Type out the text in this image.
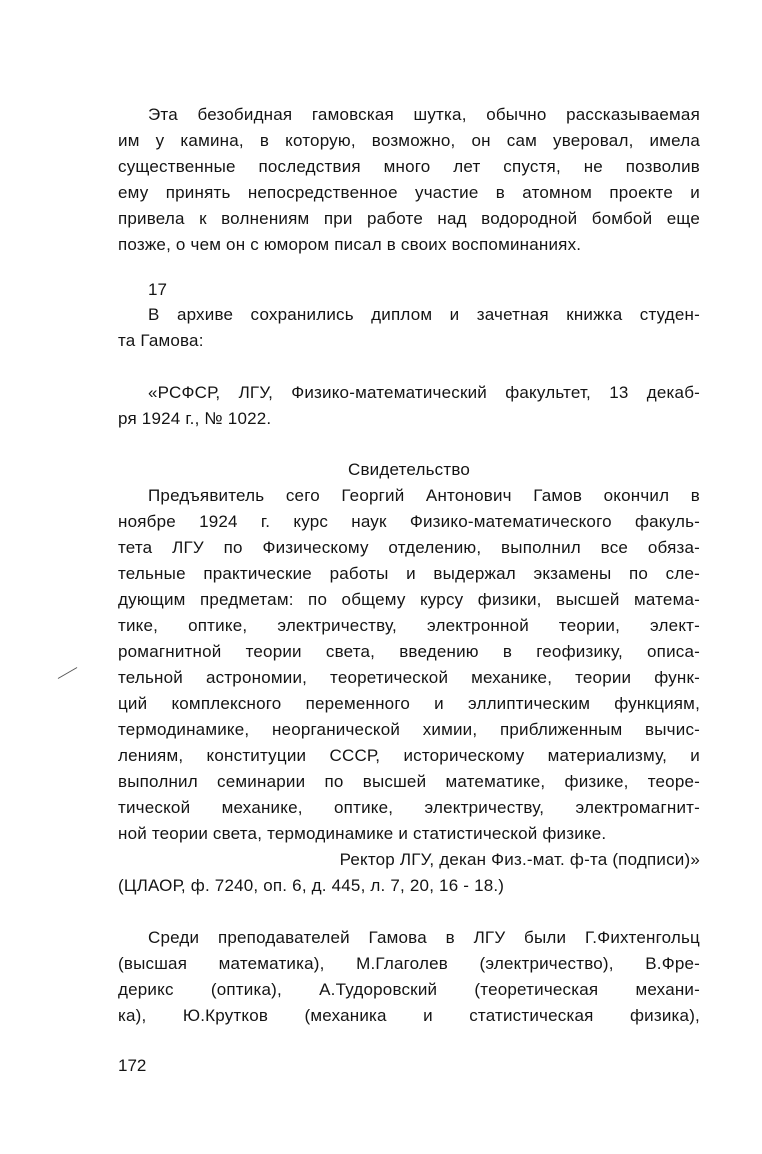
Эта безобидная гамовская шутка, обычно рассказываемая
им у камина, в которую, возможно, он сам уверовал, имела
существенные последствия много лет спустя, не позволив
ему принять непосредственное участие в атомном проекте и
привела к волнениям при работе над водородной бомбой еще
позже, о чем он с юмором писал в своих воспоминаниях.
17
В архиве сохранились диплом и зачетная книжка студен-
та Гамова:
«РСФСР, ЛГУ, Физико-математический факультет, 13 декаб-
ря 1924 г., № 1022.
Свидетельство
Предъявитель сего Георгий Антонович Гамов окончил в
ноябре 1924 г. курс наук Физико-математического факуль-
тета ЛГУ по Физическому отделению, выполнил все обяза-
тельные практические работы и выдержал экзамены по сле-
дующим предметам: по общему курсу физики, высшей матема-
тике, оптике, электричеству, электронной теории, элект-
ромагнитной теории света, введению в геофизику, описа-
тельной астрономии, теоретической механике, теории функ-
ций комплексного переменного и эллиптическим функциям,
термодинамике, неорганической химии, приближенным вычис-
лениям, конституции СССР, историческому материализму, и
выполнил семинарии по высшей математике, физике, теоре-
тической механике, оптике, электричеству, электромагнит-
ной теории света, термодинамике и статистической физике.
Ректор ЛГУ, декан Физ.-мат. ф-та (подписи)»
(ЦЛАОР, ф. 7240, оп. 6, д. 445, л. 7, 20, 16 - 18.)
Среди преподавателей Гамова в ЛГУ были Г.Фихтенгольц
(высшая математика), М.Глаголев (электричество), В.Фре-
дерикс (оптика), А.Тудоровский (теоретическая механи-
ка), Ю.Крутков (механика и статистическая физика),
172
